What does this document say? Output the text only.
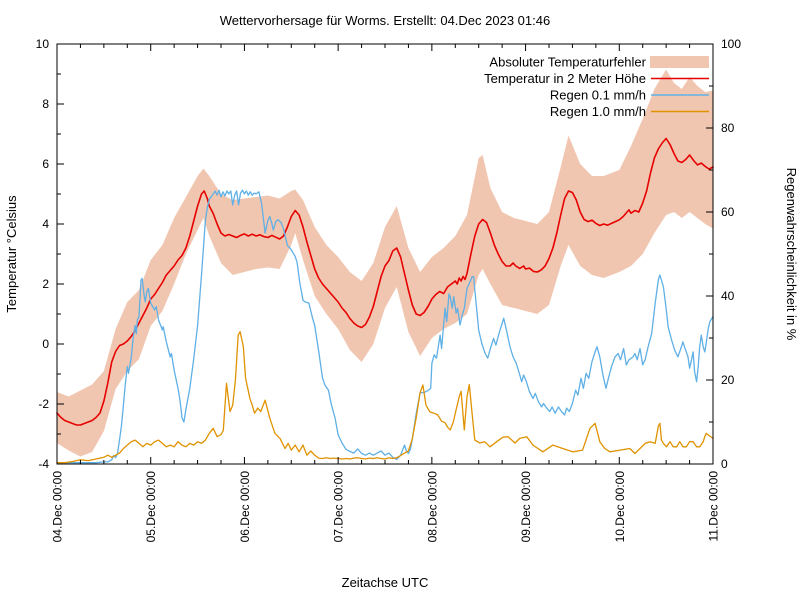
04.Dec 00:00	05.Dec 00:00	06.Dec 00:00	07.Dec 00:00	08.Dec 00:00	09.Dec 00:00	10.Dec 00:00	11.Dec 00:00
-4
-2
0
2
4
6
8
10
0
20
40
60
80
100
Wettervorhersage für Worms. Erstellt: 04.Dec 2023 01:46
Temperatur °Celsius	Regenwahrscheinlichkeit in %
Zeitachse UTC
Absoluter Temperaturfehler
Temperatur in 2 Meter Höhe
Regen 0.1 mm/h
Regen 1.0 mm/h
